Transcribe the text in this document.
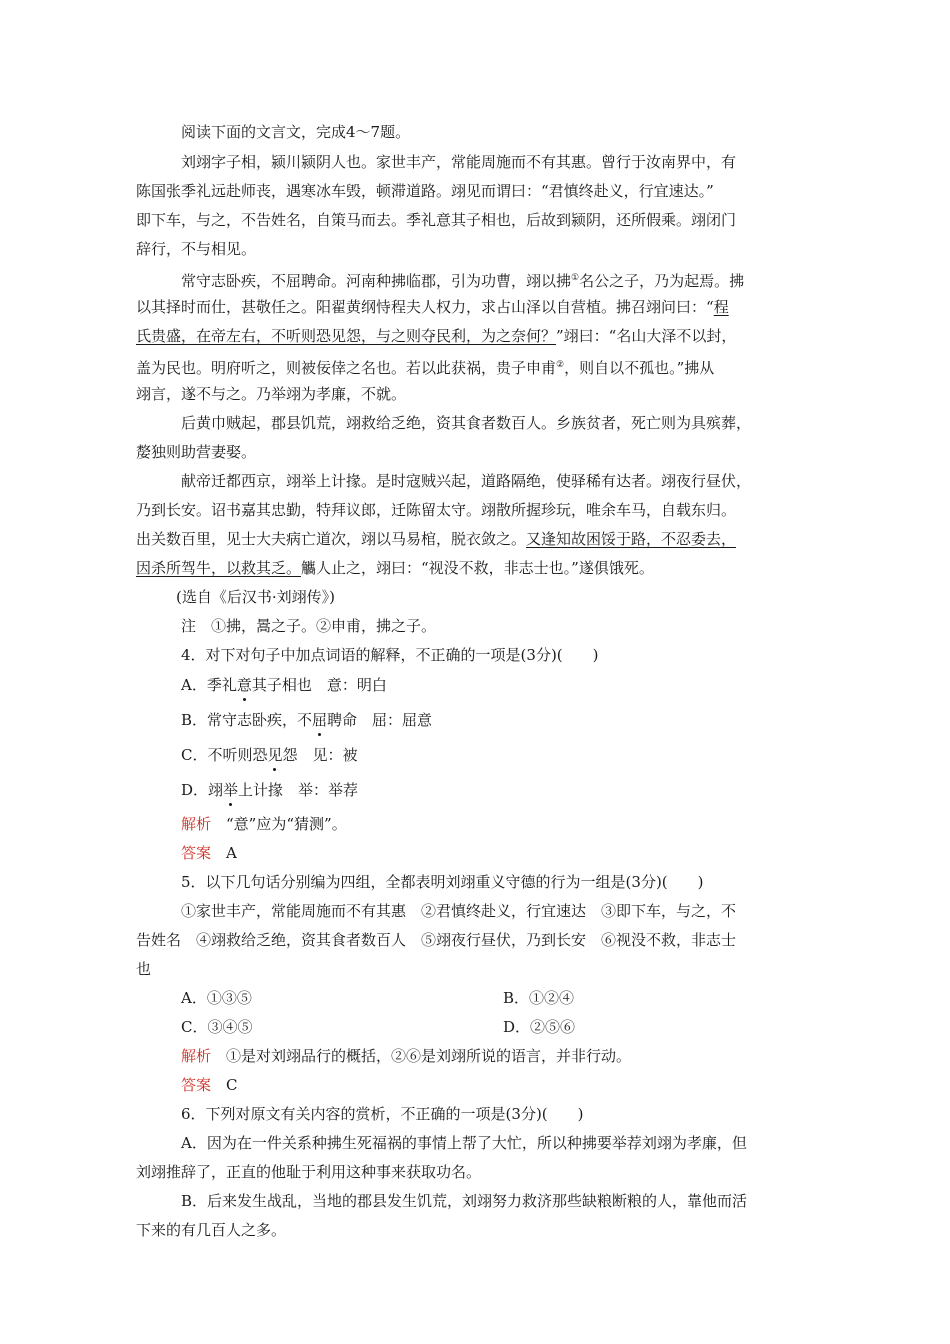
阅读下面的文言文，完成4～7题。
刘翊字子相，颍川颍阴人也。家世丰产，常能周施而不有其惠。曾行于汝南界中，有
陈国张季礼远赴师丧，遇寒冰车毁，顿滞道路。翊见而谓曰：“君慎终赴义，行宜速达。”
即下车，与之，不告姓名，自策马而去。季礼意其子相也，后故到颍阴，还所假乘。翊闭门
辞行，不与相见。
常守志卧疾，不屈聘命。河南种拂临郡，引为功曹，翊以拂①名公之子，乃为起焉。拂
以其择时而仕，甚敬任之。阳翟黄纲恃程夫人权力，求占山泽以自营植。拂召翊问曰：“程
氏贵盛，在帝左右，不听则恐见怨，与之则夺民利，为之奈何？”翊曰：“名山大泽不以封，
盖为民也。明府听之，则被佞倖之名也。若以此获祸，贵子申甫②，则自以不孤也。”拂从
翊言，遂不与之。乃举翊为孝廉，不就。
后黄巾贼起，郡县饥荒，翊救给乏绝，资其食者数百人。乡族贫者，死亡则为具殡葬，
嫠独则助营妻娶。
献帝迁都西京，翊举上计掾。是时寇贼兴起，道路隔绝，使驿稀有达者。翊夜行昼伏，
乃到长安。诏书嘉其忠勤，特拜议郎，迁陈留太守。翊散所握珍玩，唯余车马，自载东归。
出关数百里，见士大夫病亡道次，翊以马易棺，脱衣敛之。又逢知故困馁于路，不忍委去，
因杀所驾牛，以救其乏。觿人止之，翊曰：“视没不救，非志士也。”遂俱饿死。
(选自《后汉书·刘翊传》)
注　①拂，暠之子。②申甫，拂之子。
4．对下对句子中加点词语的解释，不正确的一项是(3分)(　　)
A．季礼意其子相也　意：明白
B．常守志卧疾，不屈聘命　屈：屈意
C．不听则恐见怨　见：被
D．翊举上计掾　举：举荐
解析　“意”应为“猜测”。
答案　A
5．以下几句话分别编为四组，全都表明刘翊重义守德的行为一组是(3分)(　　)
①家世丰产，常能周施而不有其惠　②君慎终赴义，行宜速达　③即下车，与之，不
告姓名　④翊救给乏绝，资其食者数百人　⑤翊夜行昼伏，乃到长安　⑥视没不救，非志士
也
A．①③⑤	B．①②④
C．③④⑤	D．②⑤⑥
解析　①是对刘翊品行的概括，②⑥是刘翊所说的语言，并非行动。
答案　C
6．下列对原文有关内容的赏析，不正确的一项是(3分)(　　)
A．因为在一件关系种拂生死福祸的事情上帮了大忙，所以种拂要举荐刘翊为孝廉，但
刘翊推辞了，正直的他耻于利用这种事来获取功名。
B．后来发生战乱，当地的郡县发生饥荒，刘翊努力救济那些缺粮断粮的人，靠他而活
下来的有几百人之多。
